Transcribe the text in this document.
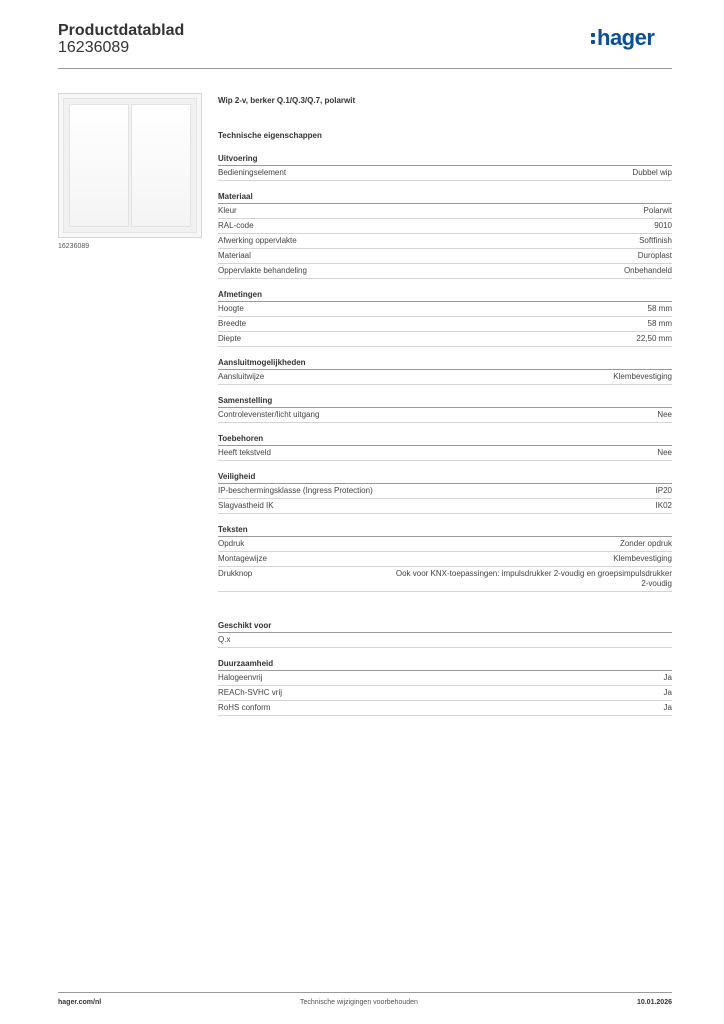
Productdatablad
16236089	hager
16236089
Wip 2-v, berker Q.1/Q.3/Q.7, polarwit
Technische eigenschappen
Uitvoering
Bedieningselement	Dubbel wip
Materiaal
Kleur	Polarwit
RAL-code	9010
Afwerking oppervlakte	Softfinish
Materiaal	Duroplast
Oppervlakte behandeling	Onbehandeld
Afmetingen
Hoogte	58 mm
Breedte	58 mm
Diepte	22,50 mm
Aansluitmogelijkheden
Aansluitwijze	Klembevestiging
Samenstelling
Controlevenster/licht uitgang	Nee
Toebehoren
Heeft tekstveld	Nee
Veiligheid
IP-beschermingsklasse (Ingress Protection)	IP20
Slagvastheid IK	IK02
Teksten
Opdruk	Zonder opdruk
Montagewijze	Klembevestiging
Drukknop	Ook voor KNX-toepassingen: impulsdrukker 2-voudig en groepsimpulsdrukker 2-voudig
Geschikt voor
Q.x
Duurzaamheid
Halogeenvrij	Ja
REACh-SVHC vrij	Ja
RoHS conform	Ja
hager.com/nl	Technische wijzigingen voorbehouden	10.01.2026
